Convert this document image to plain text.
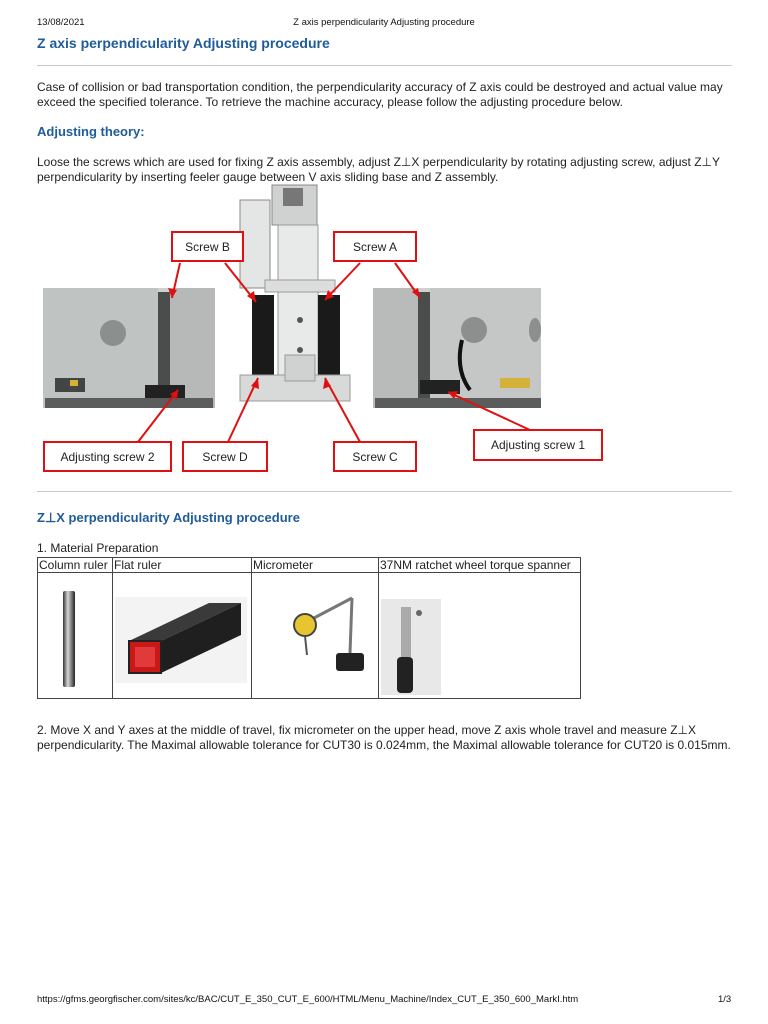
13/08/2021	Z axis perpendicularity Adjusting procedure
Z axis perpendicularity Adjusting procedure
Case of collision or bad transportation condition, the perpendicularity accuracy of Z axis could be destroyed and actual value may exceed the specified tolerance. To retrieve the machine accuracy, please follow the adjusting procedure below.
Adjusting theory:
Loose the screws which are used for fixing Z axis assembly, adjust Z⊥X perpendicularity by rotating adjusting screw, adjust Z⊥Y perpendicularity by inserting feeler gauge between V axis sliding base and Z assembly.
Screw B	Screw A
Adjusting screw 2	Screw D	Screw C
Adjusting screw 1
Z⊥X perpendicularity Adjusting procedure
1. Material Preparation
Column ruler	Flat ruler	Micrometer	37NM ratchet wheel torque spanner

2. Move X and Y axes at the middle of travel, fix micrometer on the upper head, move Z axis whole travel and measure Z⊥X perpendicularity. The Maximal allowable tolerance for CUT30 is 0.024mm, the Maximal allowable tolerance for CUT20 is 0.015mm.
https://gfms.georgfischer.com/sites/kc/BAC/CUT_E_350_CUT_E_600/HTML/Menu_Machine/Index_CUT_E_350_600_MarkI.htm	1/3
